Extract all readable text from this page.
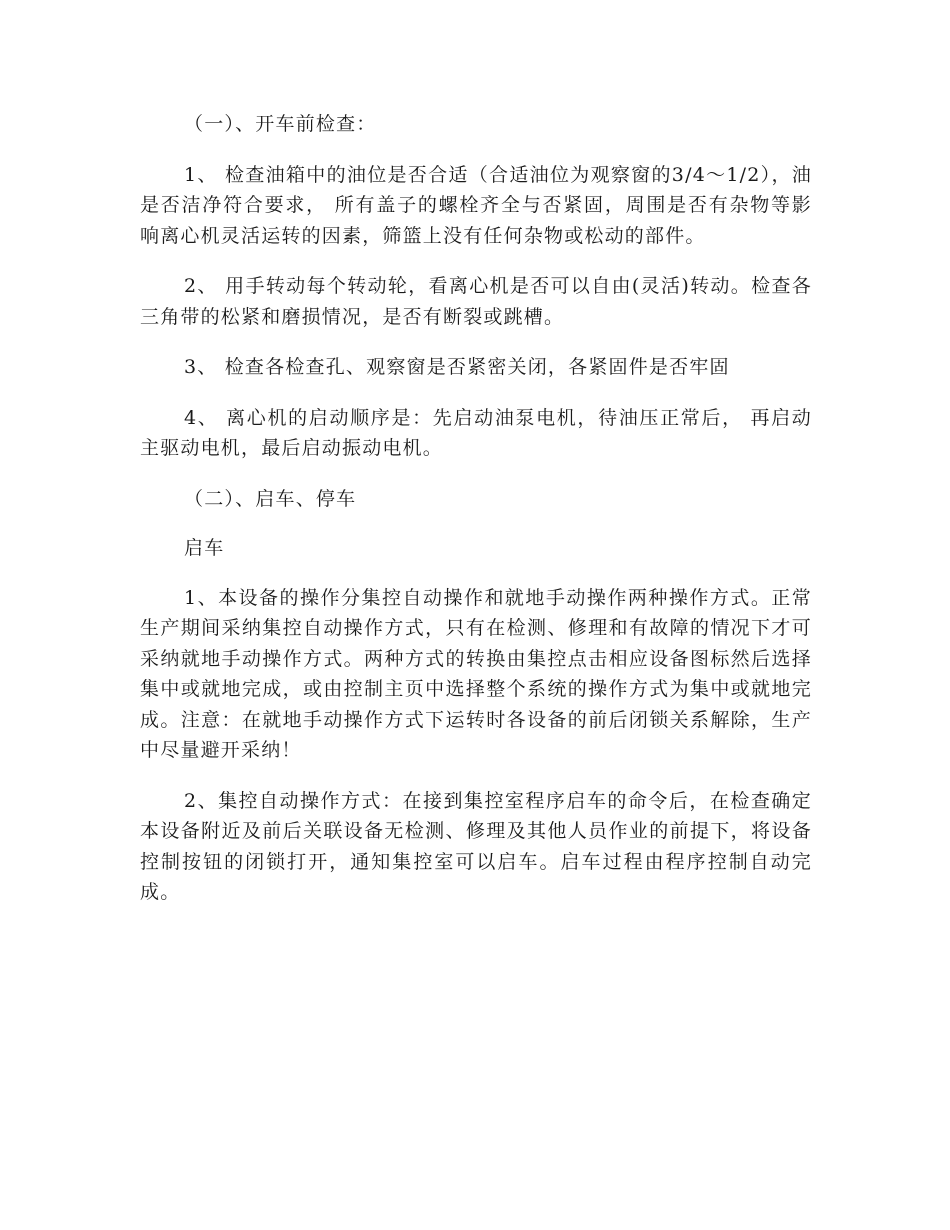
（一）、开车前检查：

1、 检查油箱中的油位是否合适（合适油位为观察窗的3/4～1/2），油是否洁净符合要求， 所有盖子的螺栓齐全与否紧固，周围是否有杂物等影响离心机灵活运转的因素，筛篮上没有任何杂物或松动的部件。

2、 用手转动每个转动轮，看离心机是否可以自由(灵活)转动。检查各三角带的松紧和磨损情况，是否有断裂或跳槽。

3、 检查各检查孔、观察窗是否紧密关闭，各紧固件是否牢固

4、 离心机的启动顺序是：先启动油泵电机，待油压正常后， 再启动主驱动电机，最后启动振动电机。

（二）、启车、停车

启车

1、本设备的操作分集控自动操作和就地手动操作两种操作方式。正常生产期间采纳集控自动操作方式，只有在检测、修理和有故障的情况下才可采纳就地手动操作方式。两种方式的转换由集控点击相应设备图标然后选择集中或就地完成，或由控制主页中选择整个系统的操作方式为集中或就地完成。注意：在就地手动操作方式下运转时各设备的前后闭锁关系解除，生产中尽量避开采纳！

2、集控自动操作方式：在接到集控室程序启车的命令后，在检查确定本设备附近及前后关联设备无检测、修理及其他人员作业的前提下，将设备控制按钮的闭锁打开，通知集控室可以启车。启车过程由程序控制自动完成。
